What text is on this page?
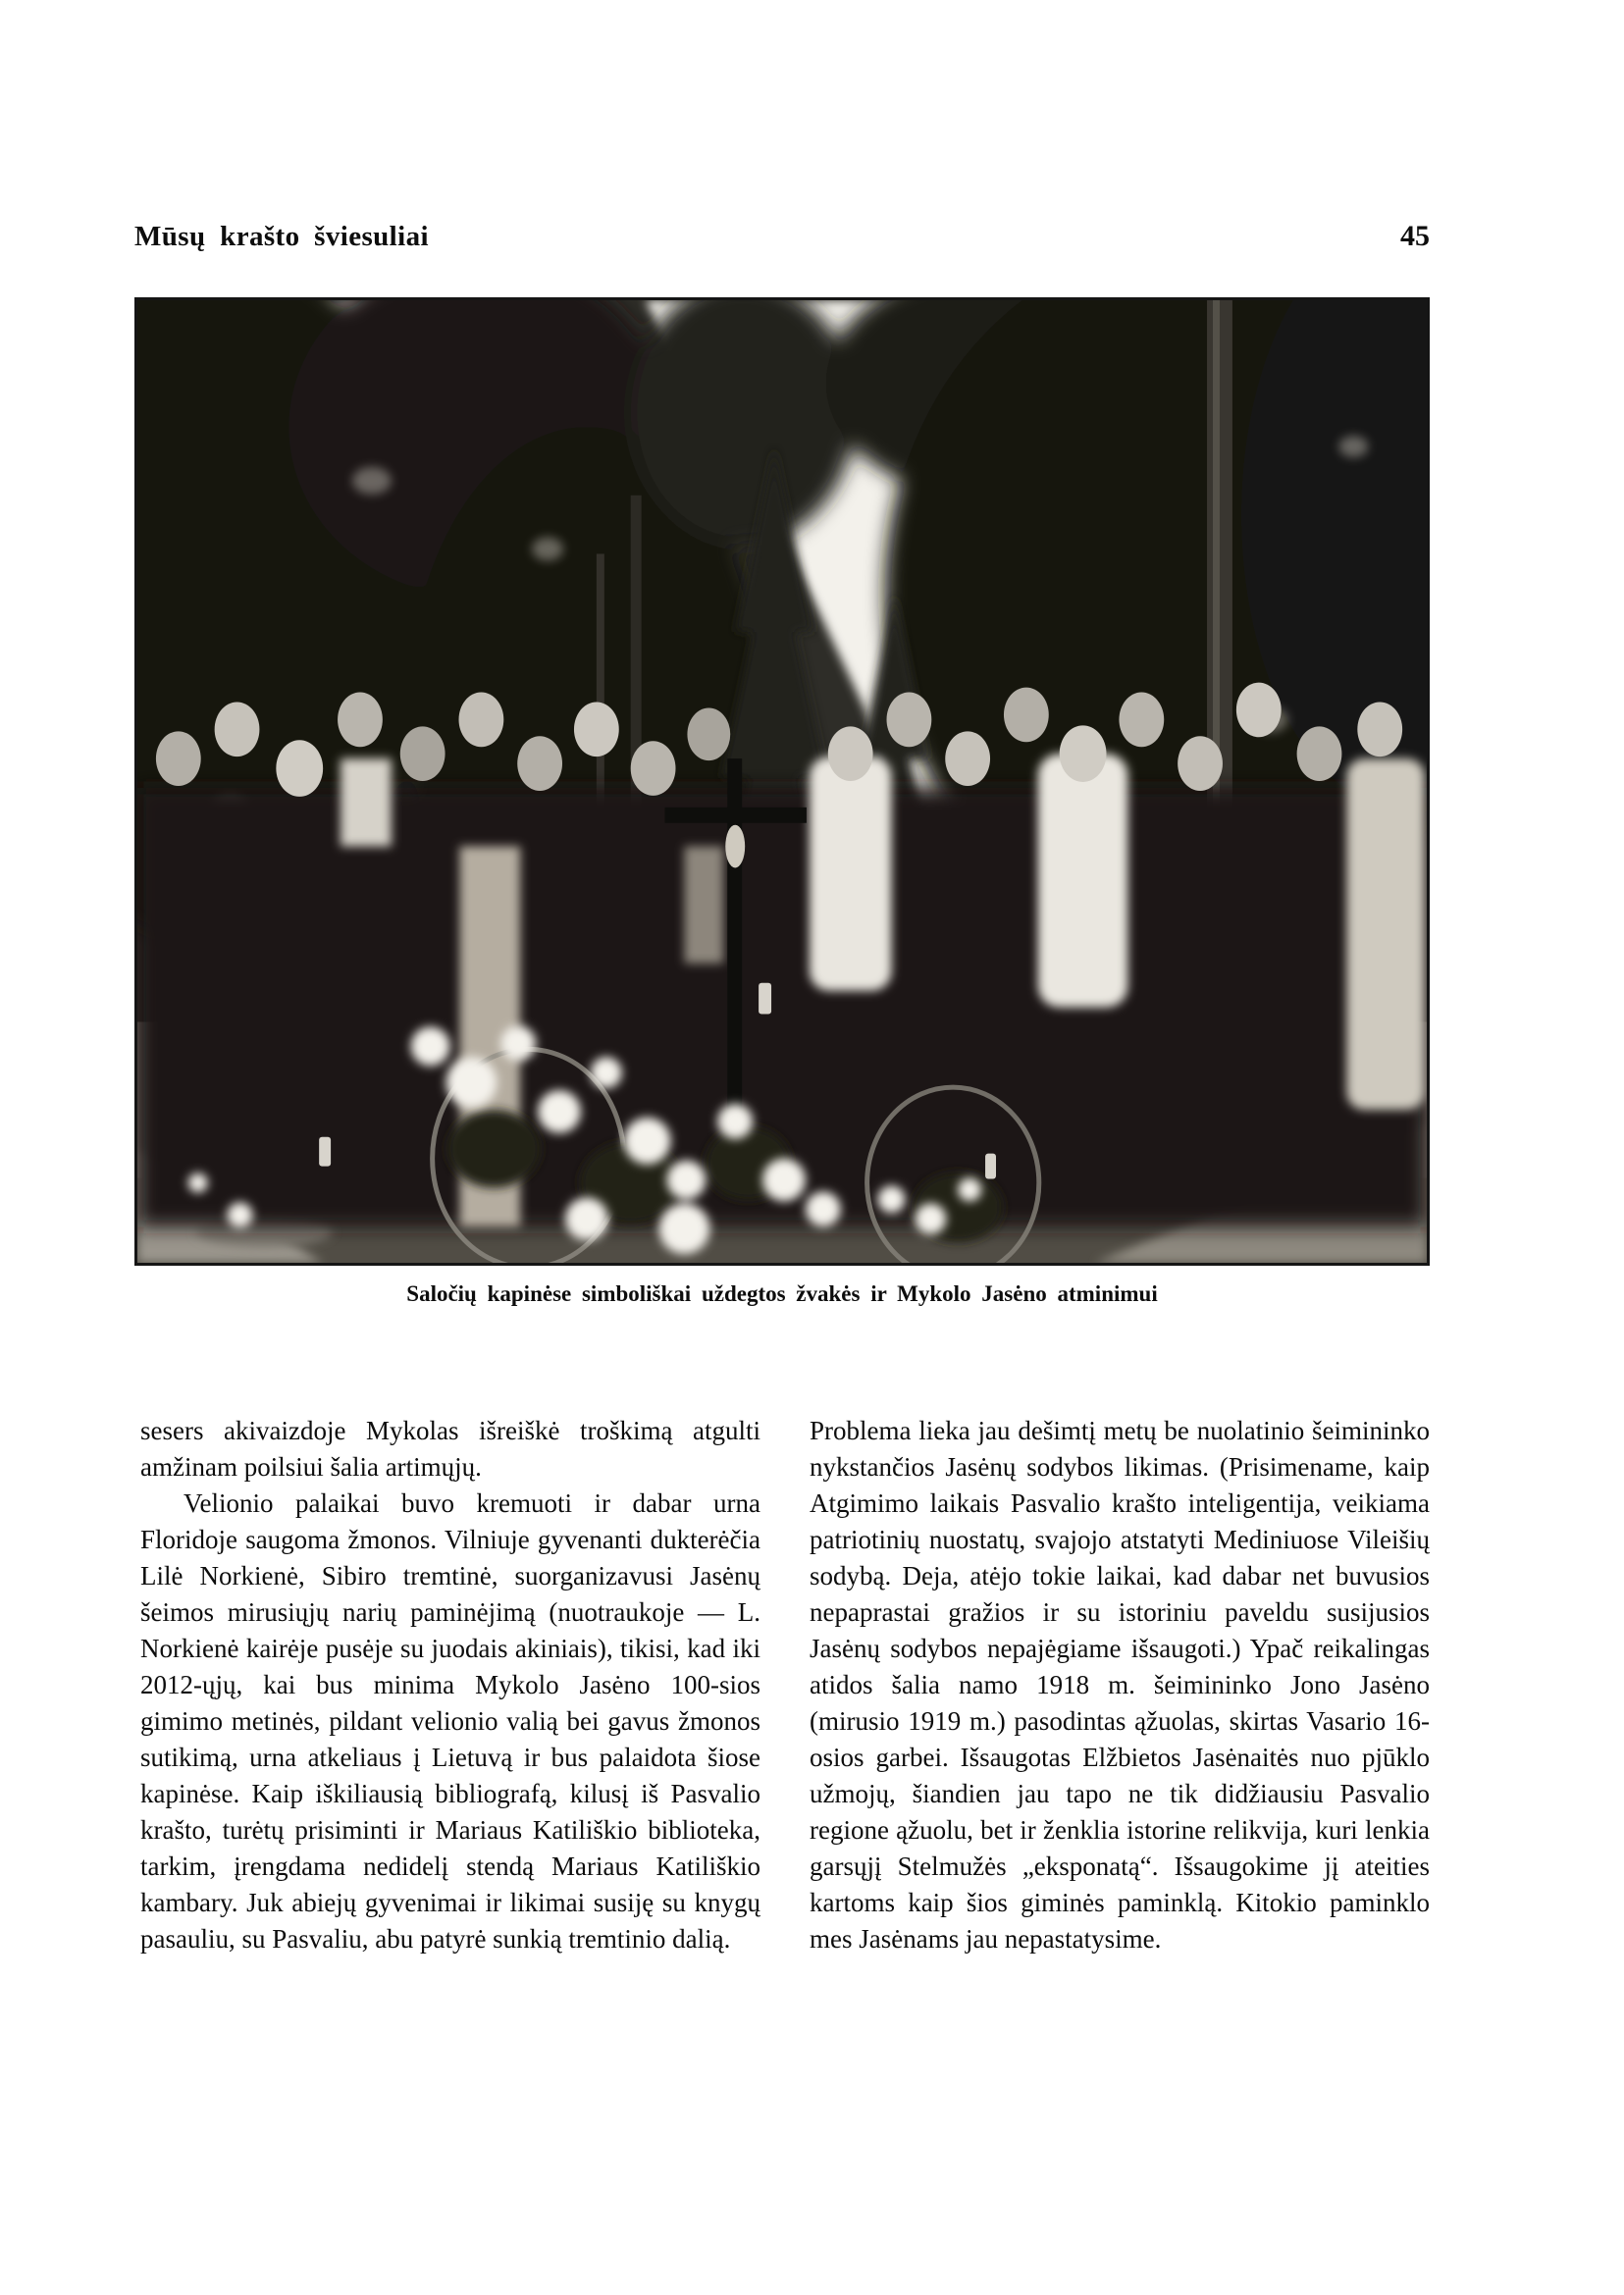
Mūsų krašto šviesuliai	45
Saločių kapinėse simboliškai uždegtos žvakės ir Mykolo Jasėno atminimui

sesers akivaizdoje Mykolas išreiškė troškimą atgulti amžinam poilsiui šalia artimųjų.

Velionio palaikai buvo kremuoti ir dabar urna Floridoje saugoma žmonos. Vilniuje gyvenanti dukterėčia Lilė Norkienė, Sibiro tremtinė, suorganizavusi Jasėnų šeimos mirusiųjų narių paminėjimą (nuotraukoje — L. Norkienė kairėje pusėje su juodais akiniais), tikisi, kad iki 2012-ųjų, kai bus minima Mykolo Jasėno 100-sios gimimo metinės, pildant velionio valią bei gavus žmonos sutikimą, urna atkeliaus į Lietuvą ir bus palaidota šiose kapinėse. Kaip iškiliausią bibliografą, kilusį iš Pasvalio krašto, turėtų prisiminti ir Mariaus Katiliškio biblioteka, tarkim, įrengdama nedidelį stendą Mariaus Katiliškio kambary. Juk abiejų gyvenimai ir likimai susiję su knygų pasauliu, su Pasvaliu, abu patyrė sunkią tremtinio dalią.

Problema lieka jau dešimtį metų be nuolatinio šeimininko nykstančios Jasėnų sodybos likimas. (Prisimename, kaip Atgimimo laikais Pasvalio krašto inteligentija, veikiama patriotinių nuostatų, svajojo atstatyti Mediniuose Vileišių sodybą. Deja, atėjo tokie laikai, kad dabar net buvusios nepaprastai gražios ir su istoriniu paveldu susijusios Jasėnų sodybos nepajėgiame išsaugoti.) Ypač reikalingas atidos šalia namo 1918 m. šeimininko Jono Jasėno (mirusio 1919 m.) pasodintas ąžuolas, skirtas Vasario 16-osios garbei. Išsaugotas Elžbietos Jasėnaitės nuo pjūklo užmojų, šiandien jau tapo ne tik didžiausiu Pasvalio regione ąžuolu, bet ir ženklia istorine relikvija, kuri lenkia garsųjį Stelmužės „eksponatą“. Išsaugokime jį ateities kartoms kaip šios giminės paminklą. Kitokio paminklo mes Jasėnams jau nepastatysime.
